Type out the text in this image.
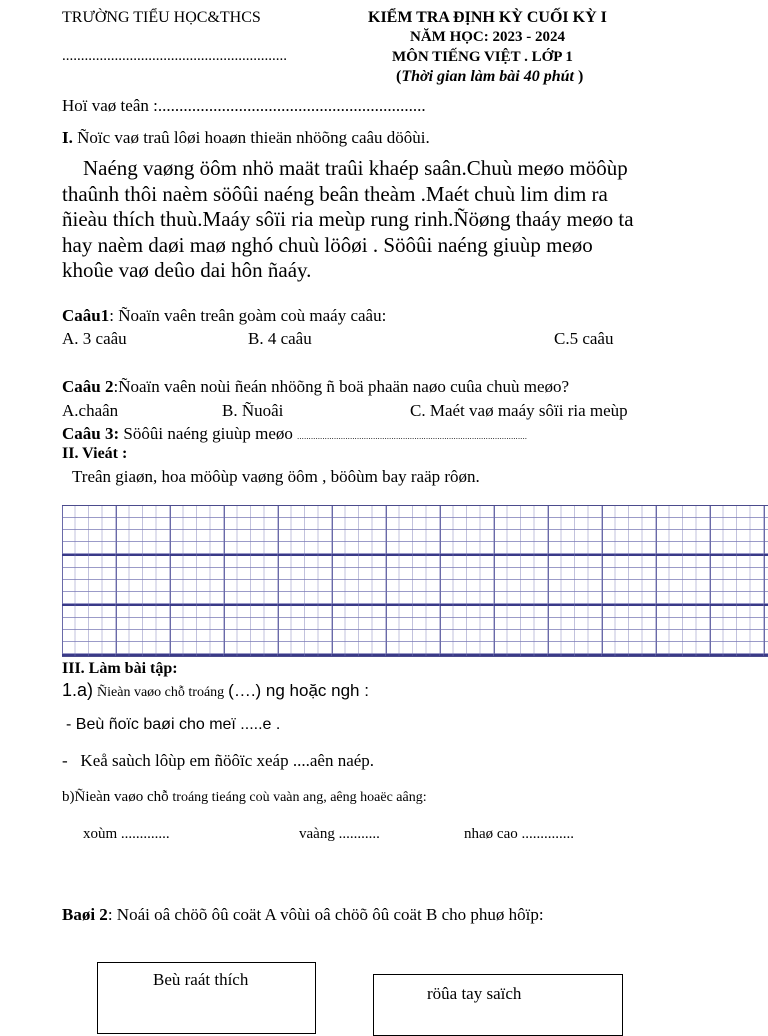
TRƯỜNG TIỂU HỌC&THCS
............................................................
KIỂM TRA ĐỊNH KỲ CUỐI KỲ I
NĂM HỌC: 2023 - 2024
MÔN TIẾNG VIỆT . LỚP 1
(Thời gian làm bài 40 phút )
Hoï vaø teân :...............................................................
I. Ñoïc vaø traû lôøi hoaøn thieän nhöõng caâu döôùi.
Naéng vaøng öôm nhö maät traûi khaép saân.Chuù meøo möôùp
thaûnh thôi naèm söôûi naéng beân theàm .Maét chuù lim dim ra
ñieàu thích thuù.Maáy sôïi ria meùp rung rinh.Ñöøng thaáy meøo ta
hay naèm daøi maø nghó chuù löôøi . Söôûi naéng giuùp meøo
khoûe vaø deûo dai hôn ñaáy.
Caâu1: Ñoaïn vaên treân goàm coù maáy caâu:
A. 3 caâu	B. 4 caâu	C.5 caâu
Caâu 2:Ñoaïn vaên noùi ñeán nhöõng ñ boä phaän naøo cuûa chuù meøo?
A.chaân	B. Ñuoâi	C. Maét vaø maáy sôïi ria meùp
Caâu 3: Söôûi naéng giuùp meøo ....................................................................................................
II. Vieát :
Treân giaøn, hoa möôùp vaøng öôm , böôùm bay raäp rôøn.
III. Làm bài tập:
1.a) Ñieàn vaøo chỗ troáng (….) ng hoặc ngh :
- Beù ñoïc baøi cho meï .....e .
- Keå saùch lôùp em ñöôïc xeáp ....aên naép.
b)Ñieàn vaøo chỗ troáng tieáng coù vaàn ang, aêng hoaëc aâng:
xoùm .............	vaàng ...........	nhaø cao ..............
Baøi 2: Noái oâ chöõ ôû coät A vôùi oâ chöõ ôû coät B cho phuø hôïp:
Beù raát thích
röûa tay saïch
